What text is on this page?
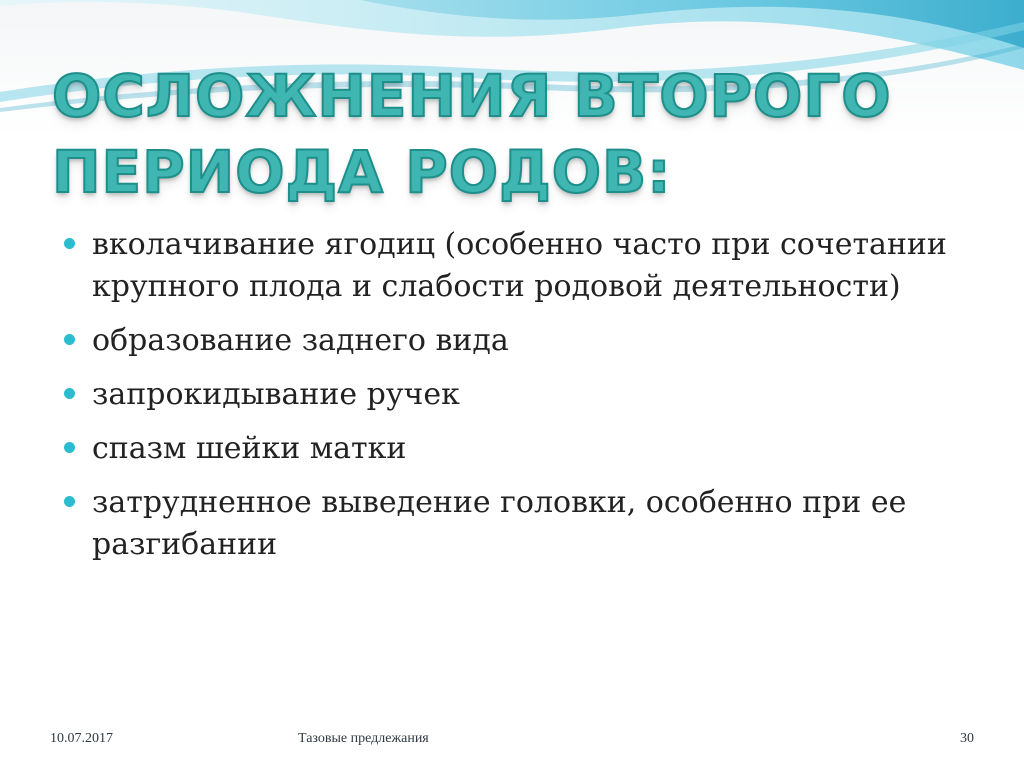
ОСЛОЖНЕНИЯ ВТОРОГО
ПЕРИОДА РОДОВ:
вколачивание ягодиц (особенно часто при сочетании   крупного плода и слабости родовой деятельности)
образование заднего вида
запрокидывание ручек
спазм шейки матки
затрудненное выведение головки, особенно при ее разгибании
10.07.2017	Тазовые предлежания	30
